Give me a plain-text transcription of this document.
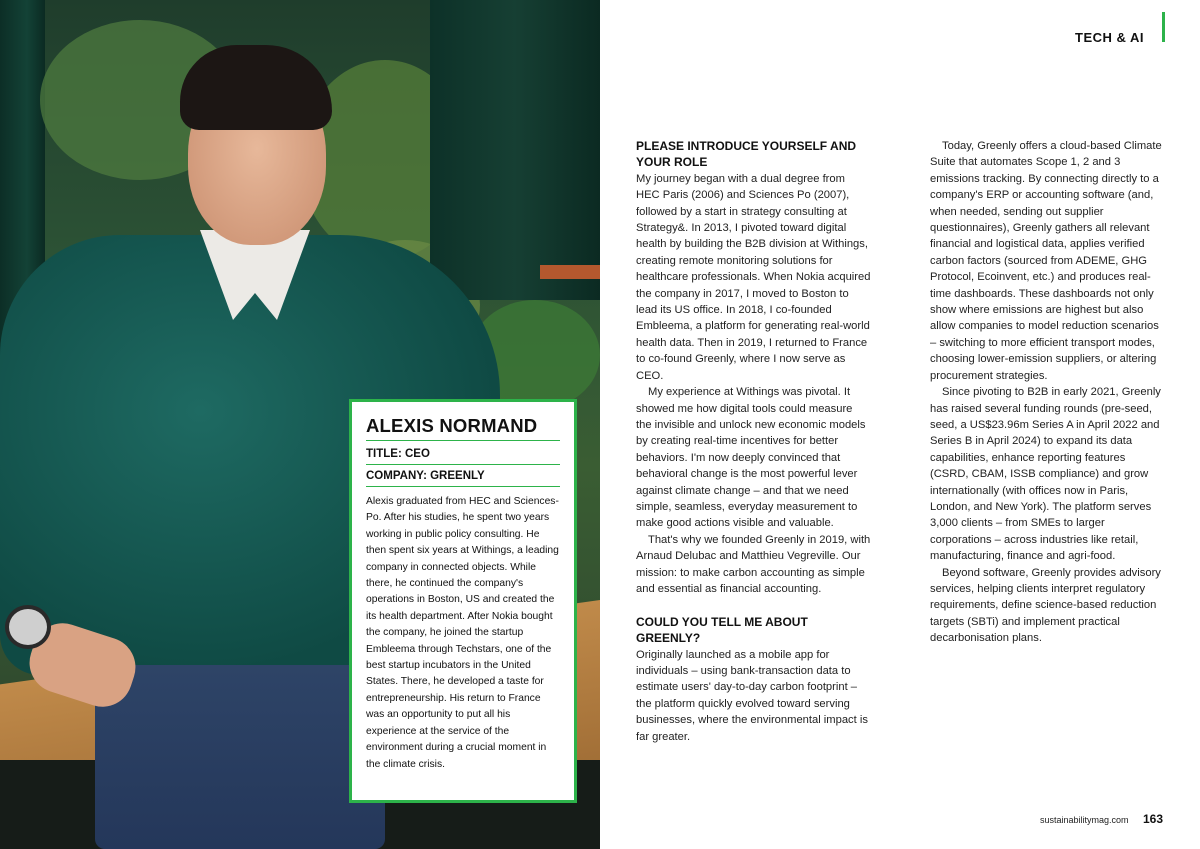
ALEXIS NORMAND
TITLE: CEO
COMPANY: GREENLY
Alexis graduated from HEC and Sciences-Po. After his studies, he spent two years working in public policy consulting. He then spent six years at Withings, a leading company in connected objects. While there, he continued the company's operations in Boston, US and created the its health department. After Nokia bought the company, he joined the startup Embleema through Techstars, one of the best startup incubators in the United States. There, he developed a taste for entrepreneurship. His return to France was an opportunity to put all his experience at the service of the environment during a crucial moment in the climate crisis.
TECH & AI

PLEASE INTRODUCE YOURSELF AND YOUR ROLE

My journey began with a dual degree from HEC Paris (2006) and Sciences Po (2007), followed by a start in strategy consulting at Strategy&. In 2013, I pivoted toward digital health by building the B2B division at Withings, creating remote monitoring solutions for healthcare professionals. When Nokia acquired the company in 2017, I moved to Boston to lead its US office. In 2018, I co-founded Embleema, a platform for generating real-world health data. Then in 2019, I returned to France to co-found Greenly, where I now serve as CEO.

My experience at Withings was pivotal. It showed me how digital tools could measure the invisible and unlock new economic models by creating real-time incentives for better behaviors. I'm now deeply convinced that behavioral change is the most powerful lever against climate change – and that we need simple, seamless, everyday measurement to make good actions visible and valuable.

That's why we founded Greenly in 2019, with Arnaud Delubac and Matthieu Vegreville. Our mission: to make carbon accounting as simple and essential as financial accounting.

COULD YOU TELL ME ABOUT GREENLY?

Originally launched as a mobile app for individuals – using bank-transaction data to estimate users' day-to-day carbon footprint – the platform quickly evolved toward serving businesses, where the environmental impact is far greater.

Today, Greenly offers a cloud-based Climate Suite that automates Scope 1, 2 and 3 emissions tracking. By connecting directly to a company's ERP or accounting software (and, when needed, sending out supplier questionnaires), Greenly gathers all relevant financial and logistical data, applies verified carbon factors (sourced from ADEME, GHG Protocol, Ecoinvent, etc.) and produces real-time dashboards. These dashboards not only show where emissions are highest but also allow companies to model reduction scenarios – switching to more efficient transport modes, choosing lower-emission suppliers, or altering procurement strategies.

Since pivoting to B2B in early 2021, Greenly has raised several funding rounds (pre-seed, seed, a US$23.96m Series A in April 2022 and Series B in April 2024) to expand its data capabilities, enhance reporting features (CSRD, CBAM, ISSB compliance) and grow internationally (with offices now in Paris, London, and New York). The platform serves 3,000 clients – from SMEs to larger corporations – across industries like retail, manufacturing, finance and agri-food.

Beyond software, Greenly provides advisory services, helping clients interpret regulatory requirements, define science-based reduction targets (SBTi) and implement practical decarbonisation plans.

sustainabilitymag.com 163
